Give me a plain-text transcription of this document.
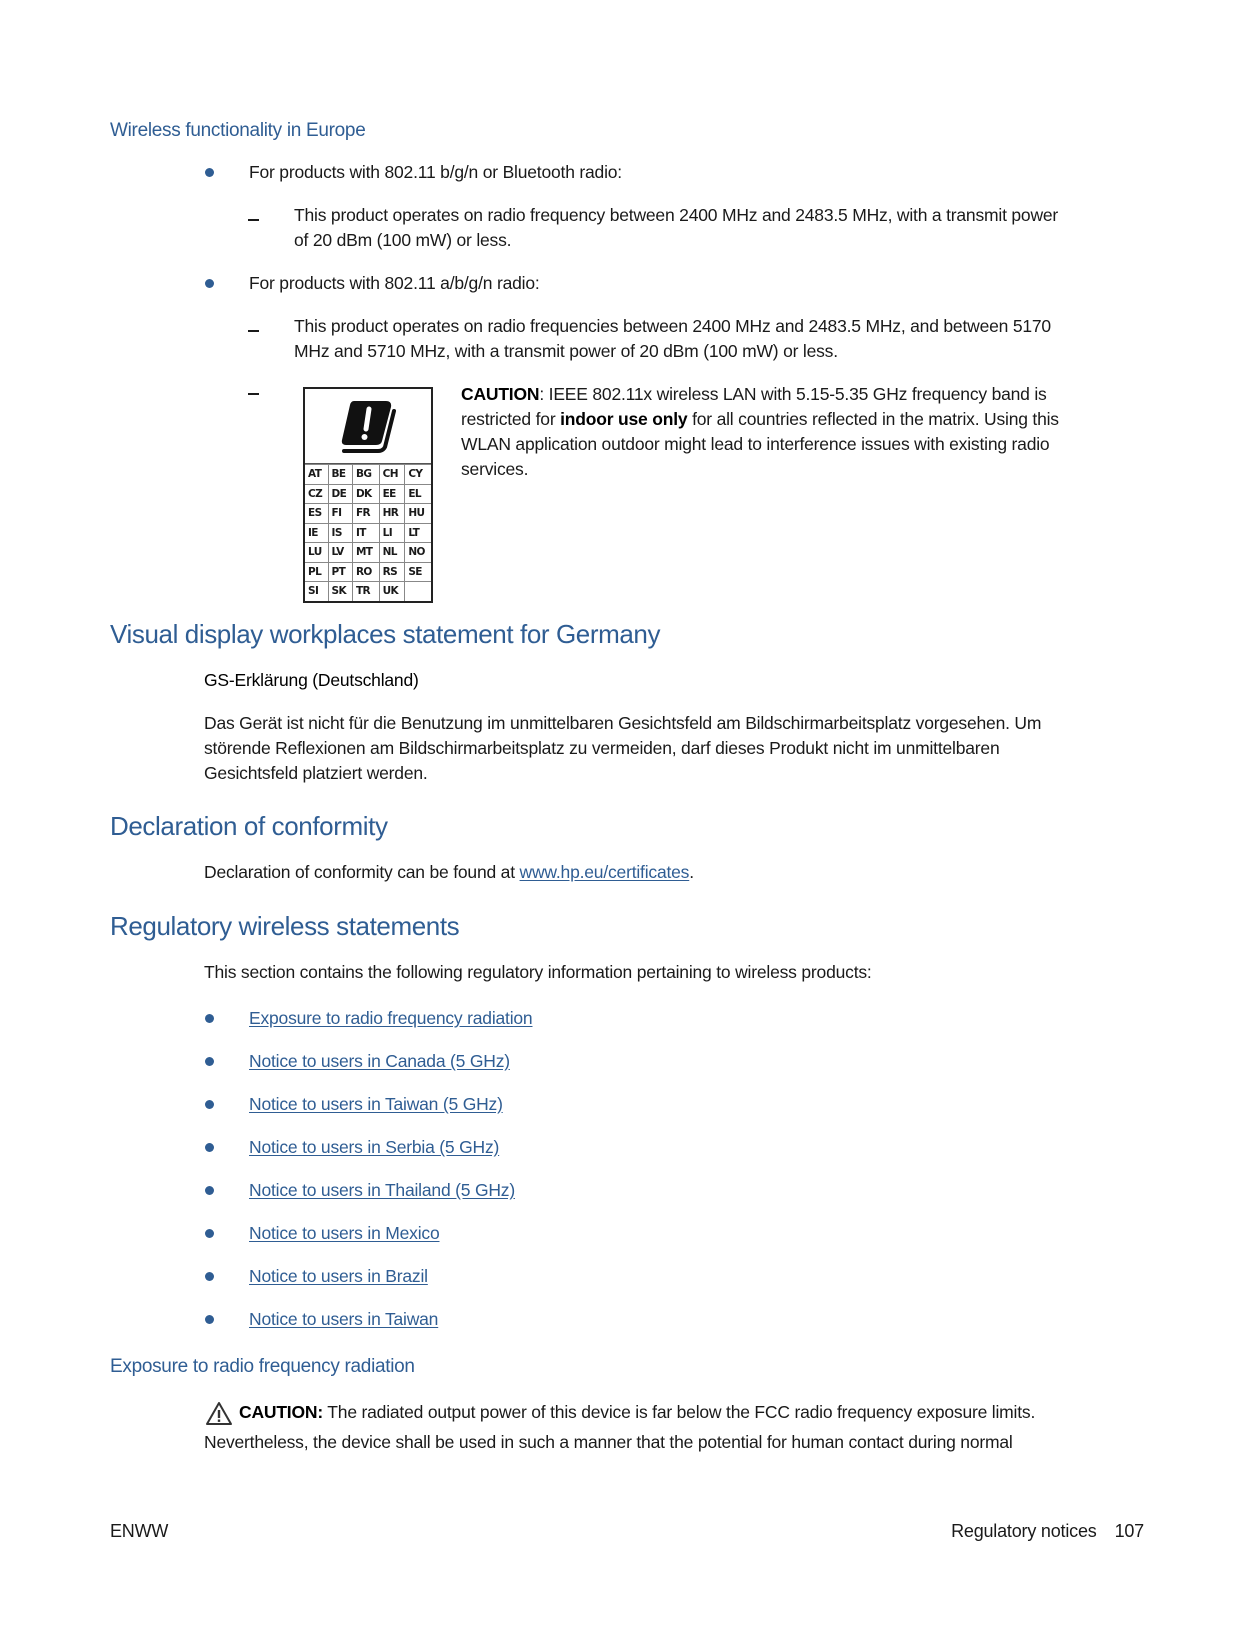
Wireless functionality in Europe
For products with 802.11 b/g/n or Bluetooth radio:
This product operates on radio frequency between 2400 MHz and 2483.5 MHz, with a transmit power
of 20 dBm (100 mW) or less.
For products with 802.11 a/b/g/n radio:
This product operates on radio frequencies between 2400 MHz and 2483.5 MHz, and between 5170
MHz and 5710 MHz, with a transmit power of 20 dBm (100 mW) or less.
AT	BE	BG	CH	CY
CZ	DE	DK	EE	EL
ES	FI	FR	HR	HU
IE	IS	IT	LI	LT
LU	LV	MT	NL	NO
PL	PT	RO	RS	SE
SI	SK	TR	UK	
CAUTION: IEEE 802.11x wireless LAN with 5.15-5.35 GHz frequency band is
restricted for indoor use only for all countries reflected in the matrix. Using this
WLAN application outdoor might lead to interference issues with existing radio
services.
Visual display workplaces statement for Germany
GS-Erklärung (Deutschland)
Das Gerät ist nicht für die Benutzung im unmittelbaren Gesichtsfeld am Bildschirmarbeitsplatz vorgesehen. Um
störende Reflexionen am Bildschirmarbeitsplatz zu vermeiden, darf dieses Produkt nicht im unmittelbaren
Gesichtsfeld platziert werden.
Declaration of conformity
Declaration of conformity can be found at www.hp.eu/certificates.
Regulatory wireless statements
This section contains the following regulatory information pertaining to wireless products:
Exposure to radio frequency radiation
Notice to users in Canada (5 GHz)
Notice to users in Taiwan (5 GHz)
Notice to users in Serbia (5 GHz)
Notice to users in Thailand (5 GHz)
Notice to users in Mexico
Notice to users in Brazil
Notice to users in Taiwan
Exposure to radio frequency radiation
CAUTION: The radiated output power of this device is far below the FCC radio frequency exposure limits.
Nevertheless, the device shall be used in such a manner that the potential for human contact during normal
ENWW	Regulatory notices 107
